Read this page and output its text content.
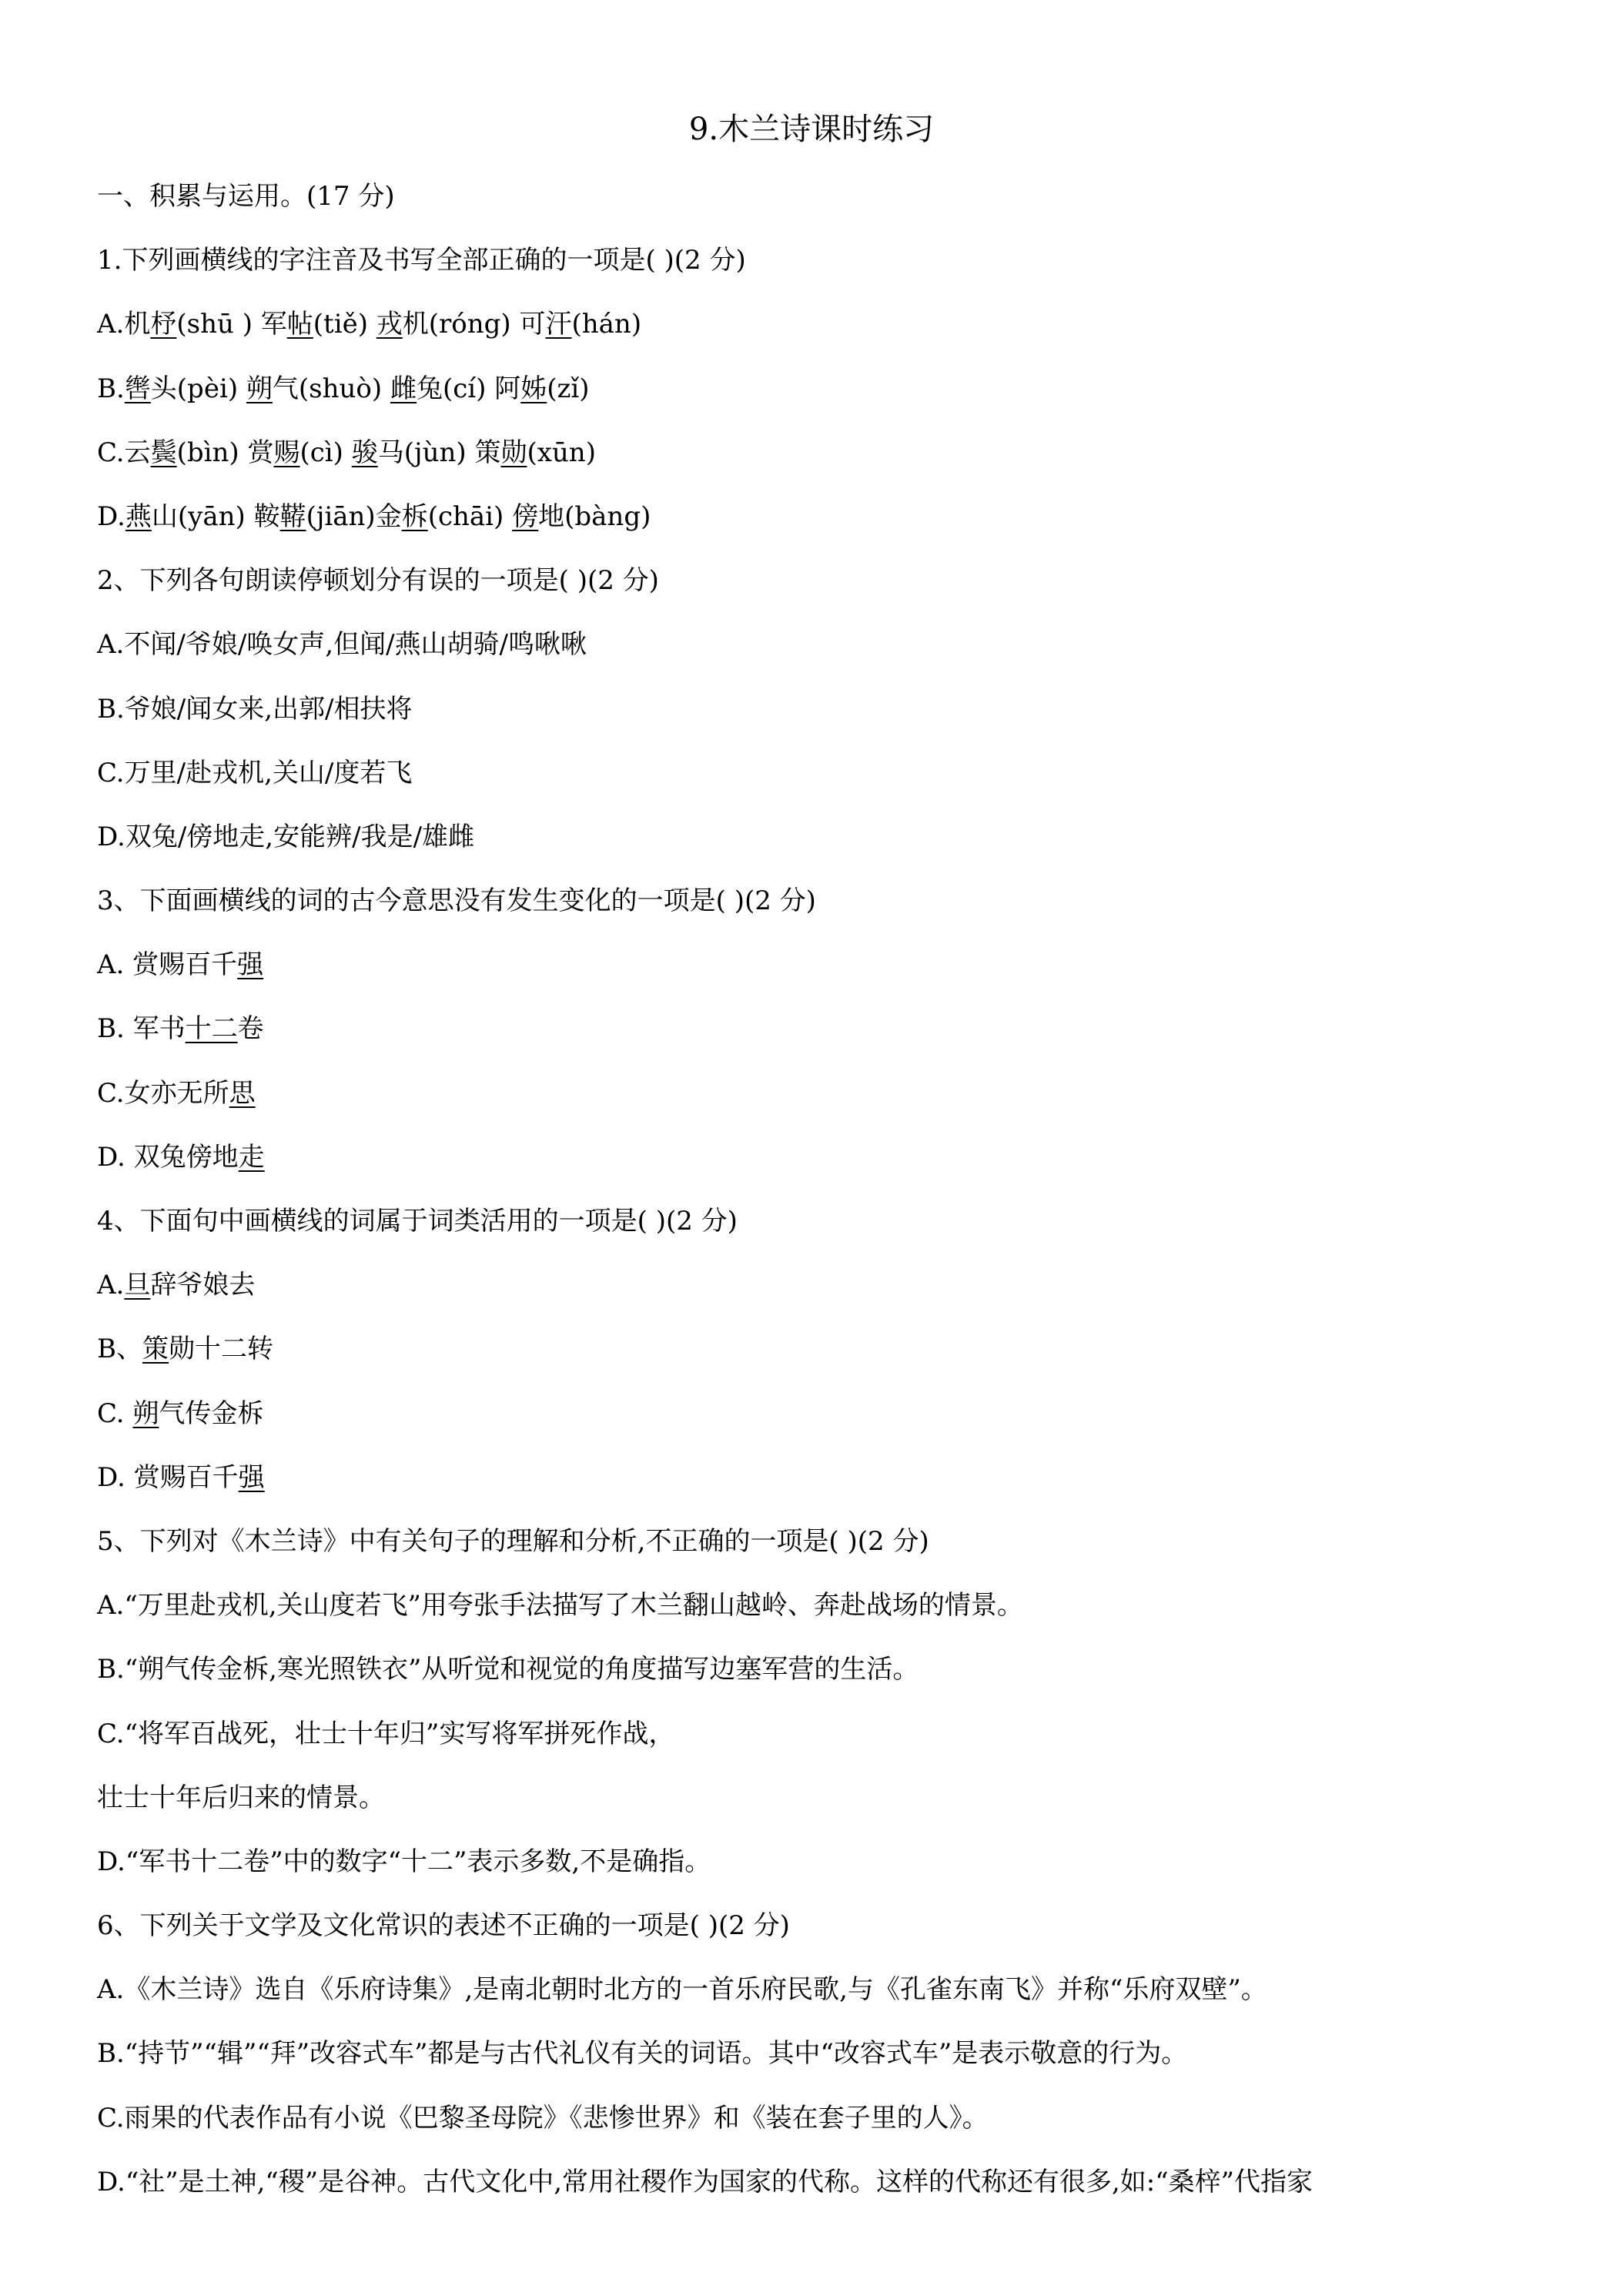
9.木兰诗课时练习
一、积累与运用。(17 分)
1.下列画横线的字注音及书写全部正确的一项是( )(2 分)
A.机杼(shū ) 军帖(tiě) 戎机(róng) 可汗(hán)
B.辔头(pèi) 朔气(shuò) 雌兔(cí) 阿姊(zǐ)
C.云鬓(bìn) 赏赐(cì) 骏马(jùn) 策勋(xūn)
D.燕山(yān) 鞍鞯(jiān)金柝(chāi) 傍地(bàng)
2、下列各句朗读停顿划分有误的一项是( )(2 分)
A.不闻/爷娘/唤女声,但闻/燕山胡骑/鸣啾啾
B.爷娘/闻女来,出郭/相扶将
C.万里/赴戎机,关山/度若飞
D.双兔/傍地走,安能辨/我是/雄雌
3、下面画横线的词的古今意思没有发生变化的一项是( )(2 分)
A. 赏赐百千强
B. 军书十二卷
C.女亦无所思
D. 双兔傍地走
4、下面句中画横线的词属于词类活用的一项是( )(2 分)
A.旦辞爷娘去
B、策勋十二转
C. 朔气传金柝
D. 赏赐百千强
5、下列对《木兰诗》中有关句子的理解和分析,不正确的一项是( )(2 分)
A.“万里赴戎机,关山度若飞”用夸张手法描写了木兰翻山越岭、奔赴战场的情景。
B.“朔气传金柝,寒光照铁衣”从听觉和视觉的角度描写边塞军营的生活。
C.“将军百战死，壮士十年归”实写将军拼死作战，
壮士十年后归来的情景。
D.“军书十二卷”中的数字“十二”表示多数,不是确指。
6、下列关于文学及文化常识的表述不正确的一项是( )(2 分)
A.《木兰诗》选自《乐府诗集》,是南北朝时北方的一首乐府民歌,与《孔雀东南飞》并称“乐府双壁”。
B.“持节”“辑”“拜”改容式车”都是与古代礼仪有关的词语。其中“改容式车”是表示敬意的行为。
C.雨果的代表作品有小说《巴黎圣母院》《悲惨世界》和《装在套子里的人》。
D.“社”是土神,“稷”是谷神。古代文化中,常用社稷作为国家的代称。这样的代称还有很多,如:“桑梓”代指家
